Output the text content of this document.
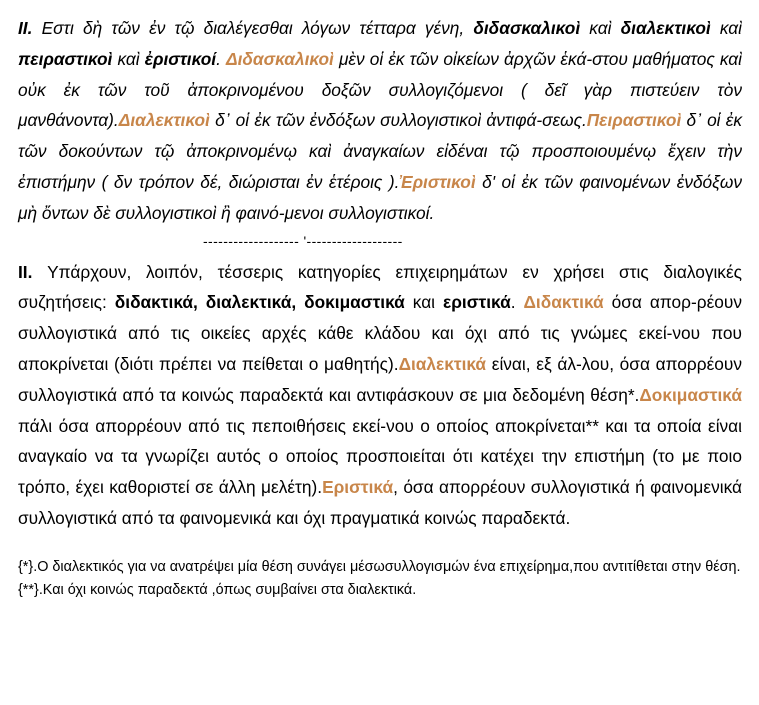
II. Εστι δὴ τῶν ἐν τῷ διαλέγεσθαι λόγων τέτταρα γένη, διδασκαλικοὶ καὶ διαλεκτικοὶ καὶ πειραστικοὶ καὶ ἐριστικοί. Διδασκαλικοὶ μὲν οἱ ἐκ τῶν οἰκείων ἀρχῶν ἑκά-στου μαθήματος καὶ οὐκ ἐκ τῶν τοῦ ἀποκρινομένου δοξῶν συλλογιζόμενοι ( δεῖ γὰρ πιστεύειν τὸν μανθάνοντα).Διαλεκτικοὶ δ᾽ οἱ ἐκ τῶν ἐνδόξων συλλογιστικοὶ ἀντιφά-σεως.Πειραστικοὶ δ᾽ οἱ ἐκ τῶν δοκούντων τῷ ἀποκρινομένῳ καὶ ἀναγκαίων εἰδέναι τῷ προσποιουμένῳ ἔχειν τὴν ἐπιστήμην ( δν τρόπον δέ, διώρισται ἐν ἑτέροις ).Ἐριστικοὶ δ' οἱ ἐκ τῶν φαινομένων ἐνδόξων μὴ ὄντων δὲ συλλογιστικοὶ ἢ φαινό-μενοι συλλογιστικοί.

------------------- '-------------------

II. Υπάρχουν, λοιπόν, τέσσερις κατηγορίες επιχειρημάτων εν χρήσει στις διαλογικές συζητήσεις: διδακτικά, διαλεκτικά, δοκιμαστικά και εριστικά. Διδακτικά όσα απορ-ρέουν συλλογιστικά από τις οικείες αρχές κάθε κλάδου και όχι από τις γνώμες εκεί-νου που αποκρίνεται (διότι πρέπει να πείθεται ο μαθητής).Διαλεκτικά είναι, εξ άλ-λου, όσα απορρέουν συλλογιστικά από τα κοινώς παραδεκτά και αντιφάσκουν σε μια δεδομένη θέση*.Δοκιμαστικά πάλι όσα απορρέουν από τις πεποιθήσεις εκεί-νου ο οποίος αποκρίνεται** και τα οποία είναι αναγκαίο να τα γνωρίζει αυτός ο οποίος προσποιείται ότι κατέχει την επιστήμη (το με ποιο τρόπο, έχει καθοριστεί σε άλλη μελέτη).Εριστικά, όσα απορρέουν συλλογιστικά ή φαινομενικά συλλογιστικά από τα φαινομενικά και όχι πραγματικά κοινώς παραδεκτά.

{*}.Ο διαλεκτικός για να ανατρέψει μία θέση συνάγει μέσωσυλλογισμών ένα επιχείρημα,που αντιτίθεται στην θέση.

{**}.Και όχι κοινώς παραδεκτά ,όπως συμβαίνει στα διαλεκτικά.
